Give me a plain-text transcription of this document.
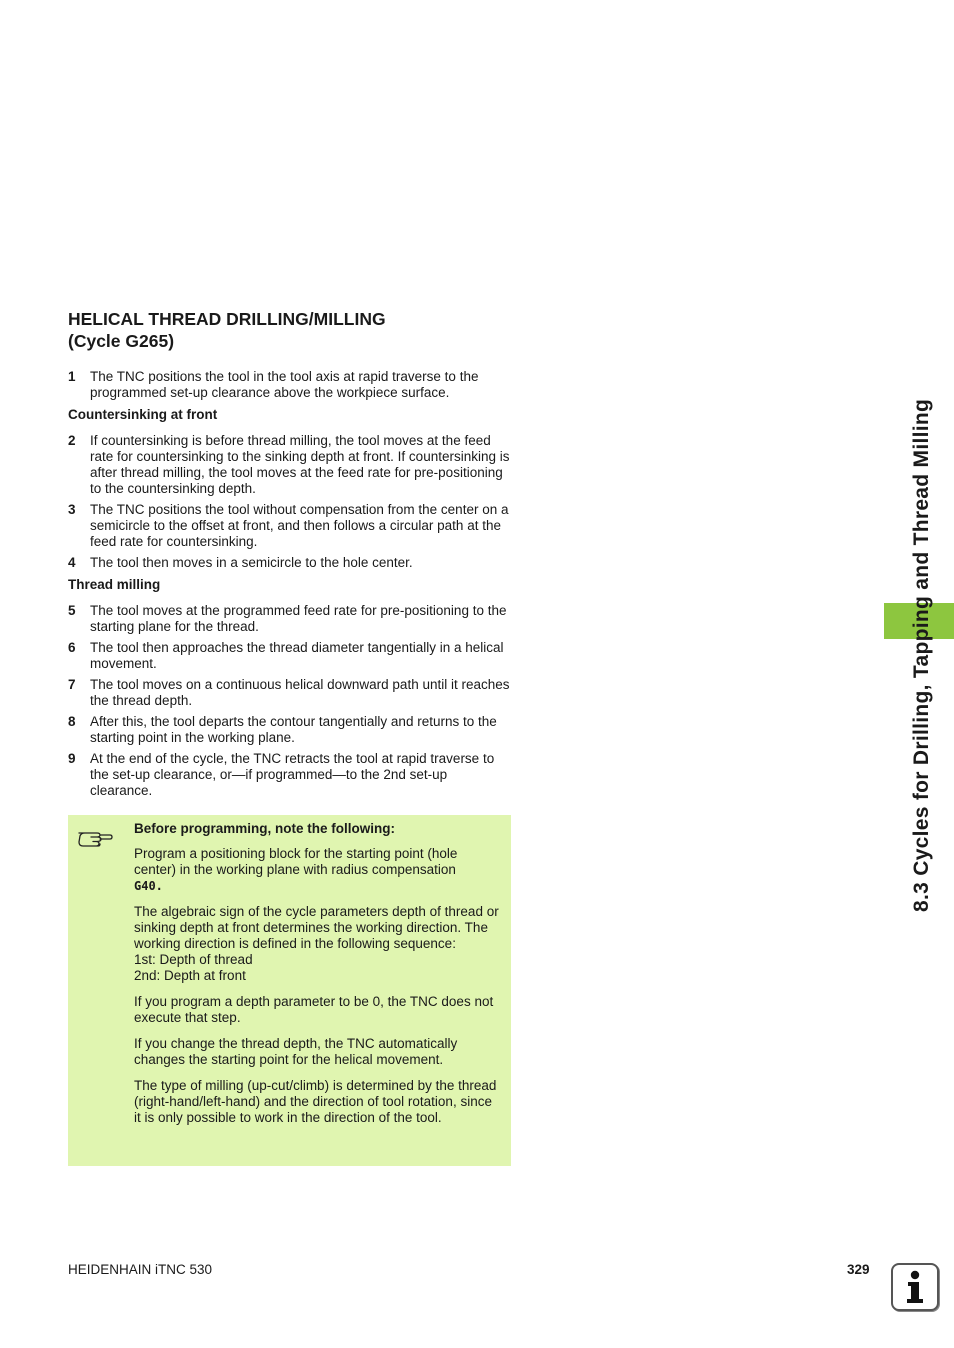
HELICAL THREAD DRILLING/MILLING
(Cycle G265)
1	The TNC positions the tool in the tool axis at rapid traverse to the programmed set-up clearance above the workpiece surface.
Countersinking at front
2	If countersinking is before thread milling, the tool moves at the feed rate for countersinking to the sinking depth at front. If countersinking is after thread milling, the tool moves at the feed rate for pre-positioning to the countersinking depth.
3	The TNC positions the tool without compensation from the center on a semicircle to the offset at front, and then follows a circular path at the feed rate for countersinking.
4	The tool then moves in a semicircle to the hole center.
Thread milling
5	The tool moves at the programmed feed rate for pre-positioning to the starting plane for the thread.
6	The tool then approaches the thread diameter tangentially in a helical movement.
7	The tool moves on a continuous helical downward path until it reaches the thread depth.
8	After this, the tool departs the contour tangentially and returns to the starting point in the working plane.
9	At the end of the cycle, the TNC retracts the tool at rapid traverse to the set-up clearance, or—if programmed—to the 2nd set-up clearance.
Before programming, note the following:

Program a positioning block for the starting point (hole center) in the working plane with radius compensation
G40.

The algebraic sign of the cycle parameters depth of thread or sinking depth at front determines the working direction. The working direction is defined in the following sequence:
1st: Depth of thread
2nd: Depth at front

If you program a depth parameter to be 0, the TNC does not execute that step.

If you change the thread depth, the TNC automatically changes the starting point for the helical movement.

The type of milling (up-cut/climb) is determined by the thread (right-hand/left-hand) and the direction of tool rotation, since it is only possible to work in the direction of the tool.

8.3 Cycles for Drilling, Tapping and Thread Milling
HEIDENHAIN iTNC 530	329
